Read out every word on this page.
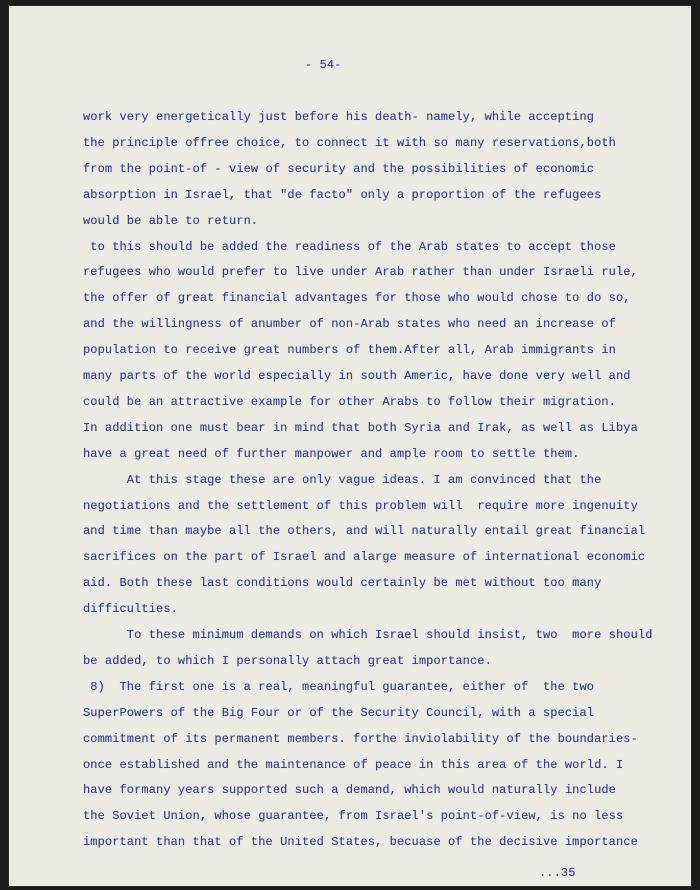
- 54-
work very energetically just before his death- namely, while accepting
the principle offree choice, to connect it with so many reservations,both
from the point-of - view of security and the possibilities of economic
absorption in Israel, that "de facto" only a proportion of the refugees
would be able to return.
to this should be added the readiness of the Arab states to accept those
refugees who would prefer to live under Arab rather than under Israeli rule,
the offer of great financial advantages for those who would chose to do so,
and the willingness of anumber of non-Arab states who need an increase of
population to receive great numbers of them.After all, Arab immigrants in
many parts of the world especially in south Americ, have done very well and
could be an attractive example for other Arabs to follow their migration.
In addition one must bear in mind that both Syria and Irak, as well as Libya
have a great need of further manpower and ample room to settle them.
At this stage these are only vague ideas. I am convinced that the
negotiations and the settlement of this problem will  require more ingenuity
and time than maybe all the others, and will naturally entail great financial
sacrifices on the part of Israel and alarge measure of international economic
aid. Both these last conditions would certainly be met without too many
difficulties.
To these minimum demands on which Israel should insist, two  more should
be added, to which I personally attach great importance.
8)  The first one is a real, meaningful guarantee, either of  the two
SuperPowers of the Big Four or of the Security Council, with a special
commitment of its permanent members. forthe inviolability of the boundaries-
once established and the maintenance of peace in this area of the world. I
have formany years supported such a demand, which would naturally include
the Soviet Union, whose guarantee, from Israel's point-of-view, is no less
important than that of the United States, becuase of the decisive importance
...35
